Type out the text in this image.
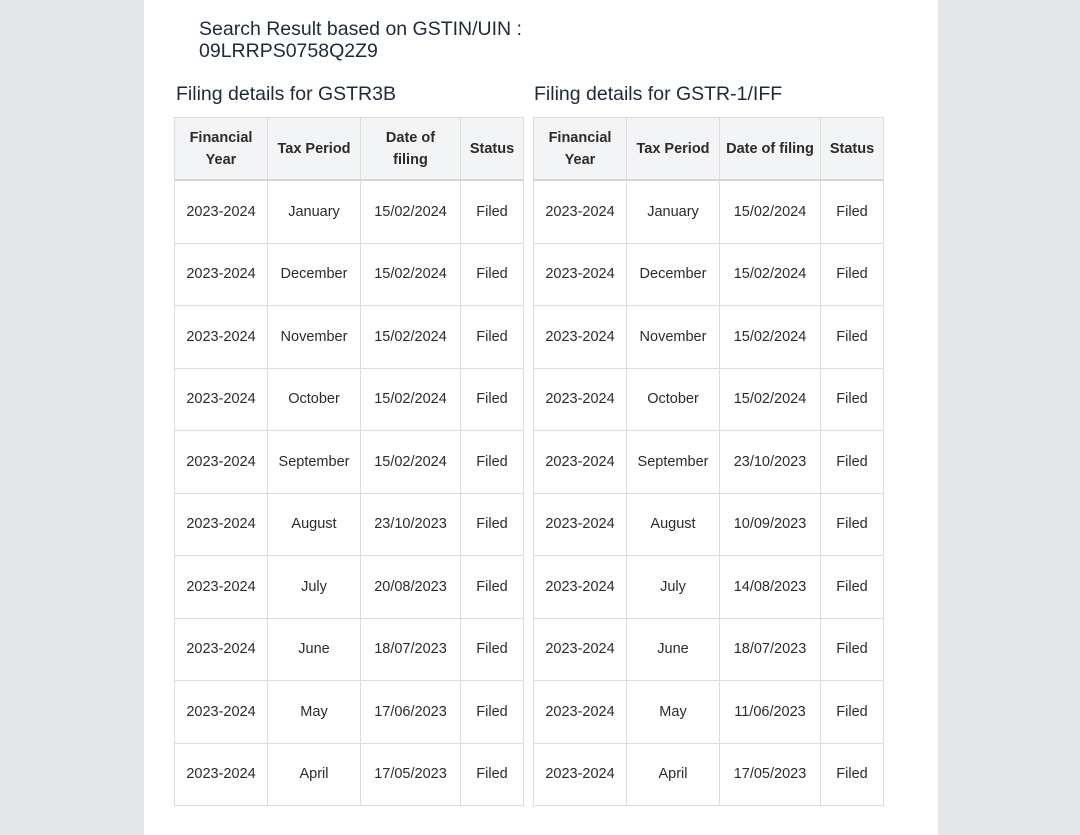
Search Result based on GSTIN/UIN :
09LRRPS0758Q2Z9
Filing details for GSTR3B
Financial Year	Tax Period	Date of filing	Status
2023-2024	January	15/02/2024	Filed
2023-2024	December	15/02/2024	Filed
2023-2024	November	15/02/2024	Filed
2023-2024	October	15/02/2024	Filed
2023-2024	September	15/02/2024	Filed
2023-2024	August	23/10/2023	Filed
2023-2024	July	20/08/2023	Filed
2023-2024	June	18/07/2023	Filed
2023-2024	May	17/06/2023	Filed
2023-2024	April	17/05/2023	Filed
Filing details for GSTR-1/IFF
Financial Year	Tax Period	Date of filing	Status
2023-2024	January	15/02/2024	Filed
2023-2024	December	15/02/2024	Filed
2023-2024	November	15/02/2024	Filed
2023-2024	October	15/02/2024	Filed
2023-2024	September	23/10/2023	Filed
2023-2024	August	10/09/2023	Filed
2023-2024	July	14/08/2023	Filed
2023-2024	June	18/07/2023	Filed
2023-2024	May	11/06/2023	Filed
2023-2024	April	17/05/2023	Filed
